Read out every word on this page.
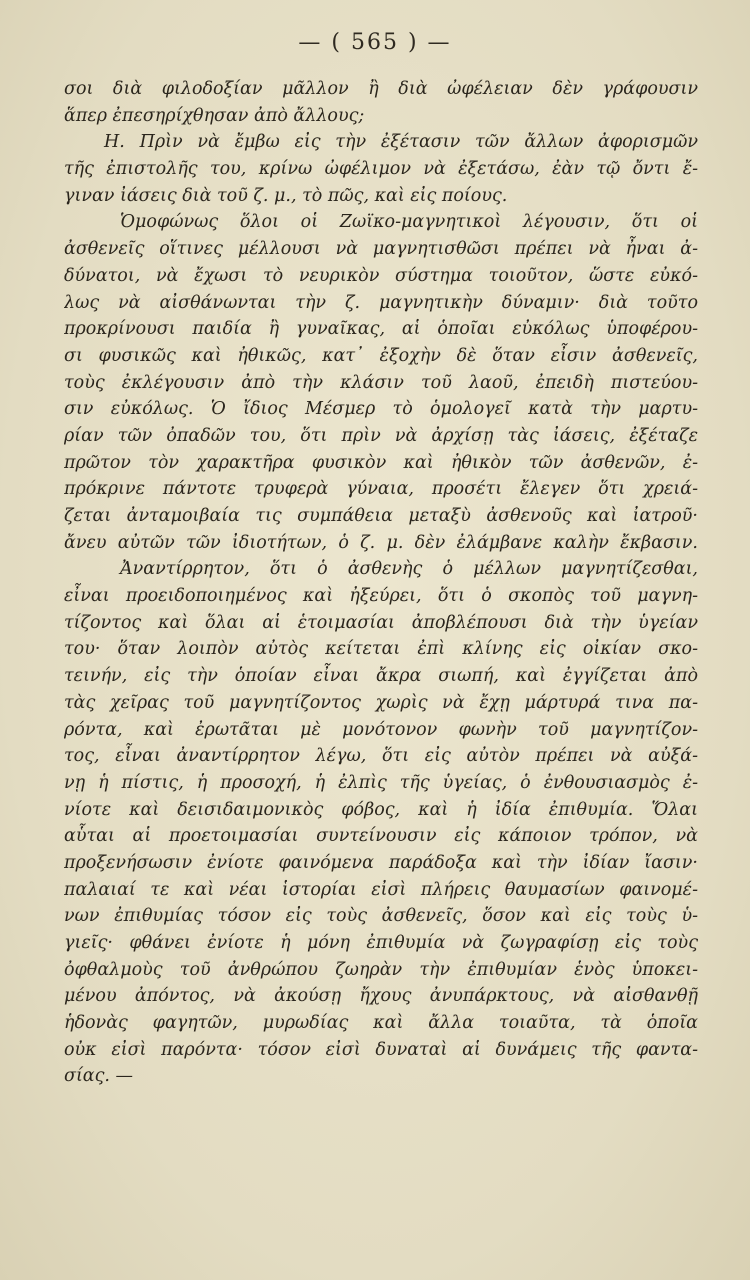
— ( 565 ) —
σοι διὰ φιλοδοξίαν μᾶλλον ἢ διὰ ὠφέλειαν δὲν γράφουσιν
ἅπερ ἐπεσηρίχθησαν ἀπὸ ἄλλους;
Η. Πρὶν νὰ ἔμβω εἰς τὴν ἐξέτασιν τῶν ἄλλων ἀφορισμῶν
τῆς ἐπιστολῆς του, κρίνω ὠφέλιμον νὰ ἐξετάσω, ἐὰν τῷ ὄντι ἔ-
γιναν ἰάσεις διὰ τοῦ ζ. μ., τὸ πῶς, καὶ εἰς ποίους.
Ὁμοφώνως ὅλοι οἱ Ζωϊκο-μαγνητικοὶ λέγουσιν, ὅτι οἱ
ἀσθενεῖς οἵτινες μέλλουσι νὰ μαγνητισθῶσι πρέπει νὰ ἦναι ἀ-
δύνατοι, νὰ ἔχωσι τὸ νευρικὸν σύστημα τοιοῦτον, ὥστε εὐκό-
λως νὰ αἰσθάνωνται τὴν ζ. μαγνητικὴν δύναμιν· διὰ τοῦτο
προκρίνουσι παιδία ἢ γυναῖκας, αἱ ὁποῖαι εὐκόλως ὑποφέρου-
σι φυσικῶς καὶ ἠθικῶς, κατ᾿ ἐξοχὴν δὲ ὅταν εἶσιν ἀσθενεῖς,
τοὺς ἐκλέγουσιν ἀπὸ τὴν κλάσιν τοῦ λαοῦ, ἐπειδὴ πιστεύου-
σιν εὐκόλως. Ὁ ἴδιος Μέσμερ τὸ ὁμολογεῖ κατὰ τὴν μαρτυ-
ρίαν τῶν ὀπαδῶν του, ὅτι πρὶν νὰ ἀρχίσῃ τὰς ἰάσεις, ἐξέταζε
πρῶτον τὸν χαρακτῆρα φυσικὸν καὶ ἠθικὸν τῶν ἀσθενῶν, ἐ-
πρόκρινε πάντοτε τρυφερὰ γύναια, προσέτι ἔλεγεν ὅτι χρειά-
ζεται ἀνταμοιβαία τις συμπάθεια μεταξὺ ἀσθενοῦς καὶ ἰατροῦ·
ἄνευ αὐτῶν τῶν ἰδιοτήτων, ὁ ζ. μ. δὲν ἐλάμβανε καλὴν ἔκβασιν.
Ἀναντίρρητον, ὅτι ὁ ἀσθενὴς ὁ μέλλων μαγνητίζεσθαι,
εἶναι προειδοποιημένος καὶ ἠξεύρει, ὅτι ὁ σκοπὸς τοῦ μαγνη-
τίζοντος καὶ ὅλαι αἱ ἑτοιμασίαι ἀποβλέπουσι διὰ τὴν ὑγείαν
του· ὅταν λοιπὸν αὐτὸς κείτεται ἐπὶ κλίνης εἰς οἰκίαν σκο-
τεινήν, εἰς τὴν ὁποίαν εἶναι ἄκρα σιωπή, καὶ ἐγγίζεται ἀπὸ
τὰς χεῖρας τοῦ μαγνητίζοντος χωρὶς νὰ ἔχῃ μάρτυρά τινα πα-
ρόντα, καὶ ἐρωτᾶται μὲ μονότονον φωνὴν τοῦ μαγνητίζον-
τος, εἶναι ἀναντίρρητον λέγω, ὅτι εἰς αὐτὸν πρέπει νὰ αὐξά-
νῃ ἡ πίστις, ἡ προσοχή, ἡ ἐλπὶς τῆς ὑγείας, ὁ ἐνθουσιασμὸς ἐ-
νίοτε καὶ δεισιδαιμονικὸς φόβος, καὶ ἡ ἰδία ἐπιθυμία. Ὅλαι
αὗται αἱ προετοιμασίαι συντείνουσιν εἰς κάποιον τρόπον, νὰ
προξενήσωσιν ἐνίοτε φαινόμενα παράδοξα καὶ τὴν ἰδίαν ἴασιν·
παλαιαί τε καὶ νέαι ἱστορίαι εἰσὶ πλήρεις θαυμασίων φαινομέ-
νων ἐπιθυμίας τόσον εἰς τοὺς ἀσθενεῖς, ὅσον καὶ εἰς τοὺς ὑ-
γιεῖς· φθάνει ἐνίοτε ἡ μόνη ἐπιθυμία νὰ ζωγραφίσῃ εἰς τοὺς
ὀφθαλμοὺς τοῦ ἀνθρώπου ζωηρὰν τὴν ἐπιθυμίαν ἑνὸς ὑποκει-
μένου ἀπόντος, νὰ ἀκούσῃ ἤχους ἀνυπάρκτους, νὰ αἰσθανθῇ
ἡδονὰς φαγητῶν, μυρωδίας καὶ ἄλλα τοιαῦτα, τὰ ὁποῖα
οὐκ εἰσὶ παρόντα· τόσον εἰσὶ δυναταὶ αἱ δυνάμεις τῆς φαντα-
σίας. —
